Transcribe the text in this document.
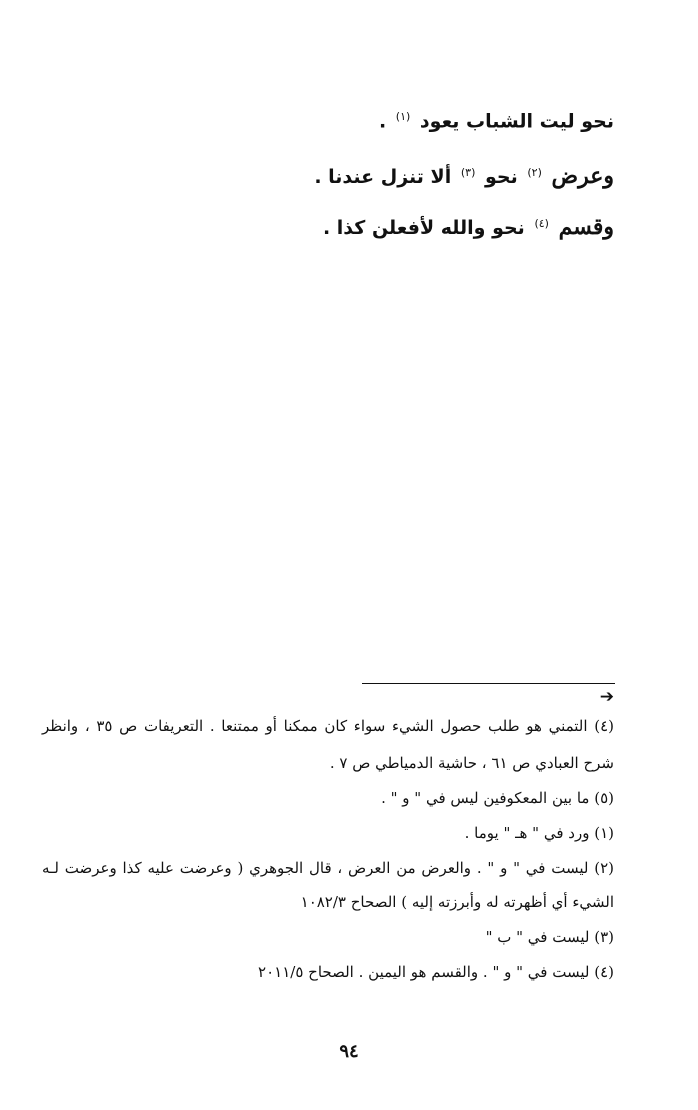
نحو ليت الشباب يعود $^{(١)}$ .
وعرض $^{(٢)}$ نحو $^{(٣)}$ ألا تنزل عندنا .
وقسم $^{(٤)}$ نحو والله لأفعلن كذا .
➔
(٤) التمني هو طلب حصول الشيء سواء كان ممكنا أو ممتنعا . التعريفات ص ٣٥ ، وانظر
شرح العبادي ص ٦١ ، حاشية الدمياطي ص ٧ .
(٥) ما بين المعكوفين ليس في " و " .
(١) ورد في " هـ " يوما .
(٢) ليست في " و " . والعرض من العرض ، قال الجوهري ( وعرضت عليه كذا وعرضت لـه
الشيء أي أظهرته له وأبرزته إليه ) الصحاح ١٠٨٢/٣
(٣) ليست في " ب "
(٤) ليست في " و " . والقسم هو اليمين . الصحاح ٢٠١١/٥
٩٤
